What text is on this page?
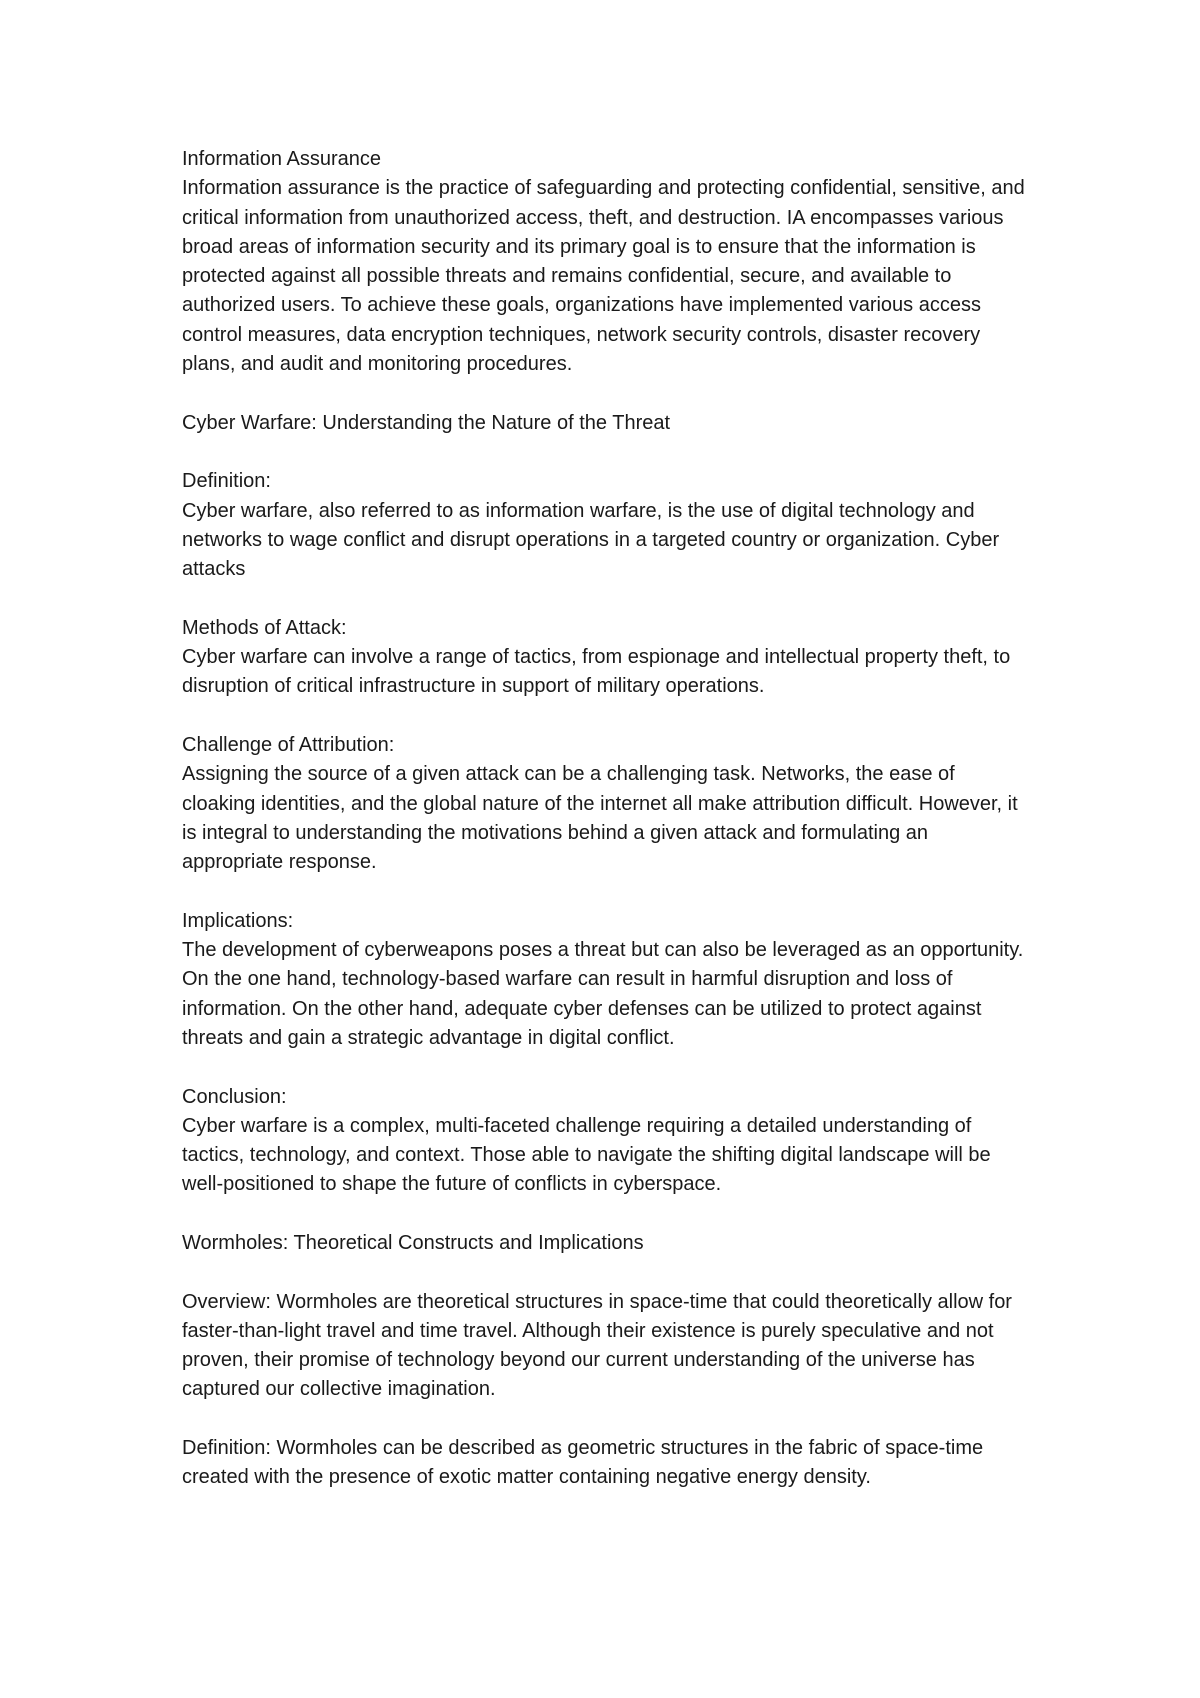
Information Assurance

Information assurance is the practice of safeguarding and protecting confidential, sensitive, and critical information from unauthorized access, theft, and destruction. IA encompasses various broad areas of information security and its primary goal is to ensure that the information is protected against all possible threats and remains confidential, secure, and available to authorized users. To achieve these goals, organizations have implemented various access control measures, data encryption techniques, network security controls, disaster recovery plans, and audit and monitoring procedures.

Cyber Warfare: Understanding the Nature of the Threat

Definition:

Cyber warfare, also referred to as information warfare, is the use of digital technology and networks to wage conflict and disrupt operations in a targeted country or organization. Cyber attacks

Methods of Attack:

Cyber warfare can involve a range of tactics, from espionage and intellectual property theft, to disruption of critical infrastructure in support of military operations.

Challenge of Attribution:

Assigning the source of a given attack can be a challenging task. Networks, the ease of cloaking identities, and the global nature of the internet all make attribution difficult. However, it is integral to understanding the motivations behind a given attack and formulating an appropriate response.

Implications:

The development of cyberweapons poses a threat but can also be leveraged as an opportunity. On the one hand, technology-based warfare can result in harmful disruption and loss of information. On the other hand, adequate cyber defenses can be utilized to protect against threats and gain a strategic advantage in digital conflict.

Conclusion:

Cyber warfare is a complex, multi-faceted challenge requiring a detailed understanding of tactics, technology, and context. Those able to navigate the shifting digital landscape will be well-positioned to shape the future of conflicts in cyberspace.

Wormholes: Theoretical Constructs and Implications

Overview: Wormholes are theoretical structures in space-time that could theoretically allow for faster-than-light travel and time travel. Although their existence is purely speculative and not proven, their promise of technology beyond our current understanding of the universe has captured our collective imagination.

Definition: Wormholes can be described as geometric structures in the fabric of space-time created with the presence of exotic matter containing negative energy density.
